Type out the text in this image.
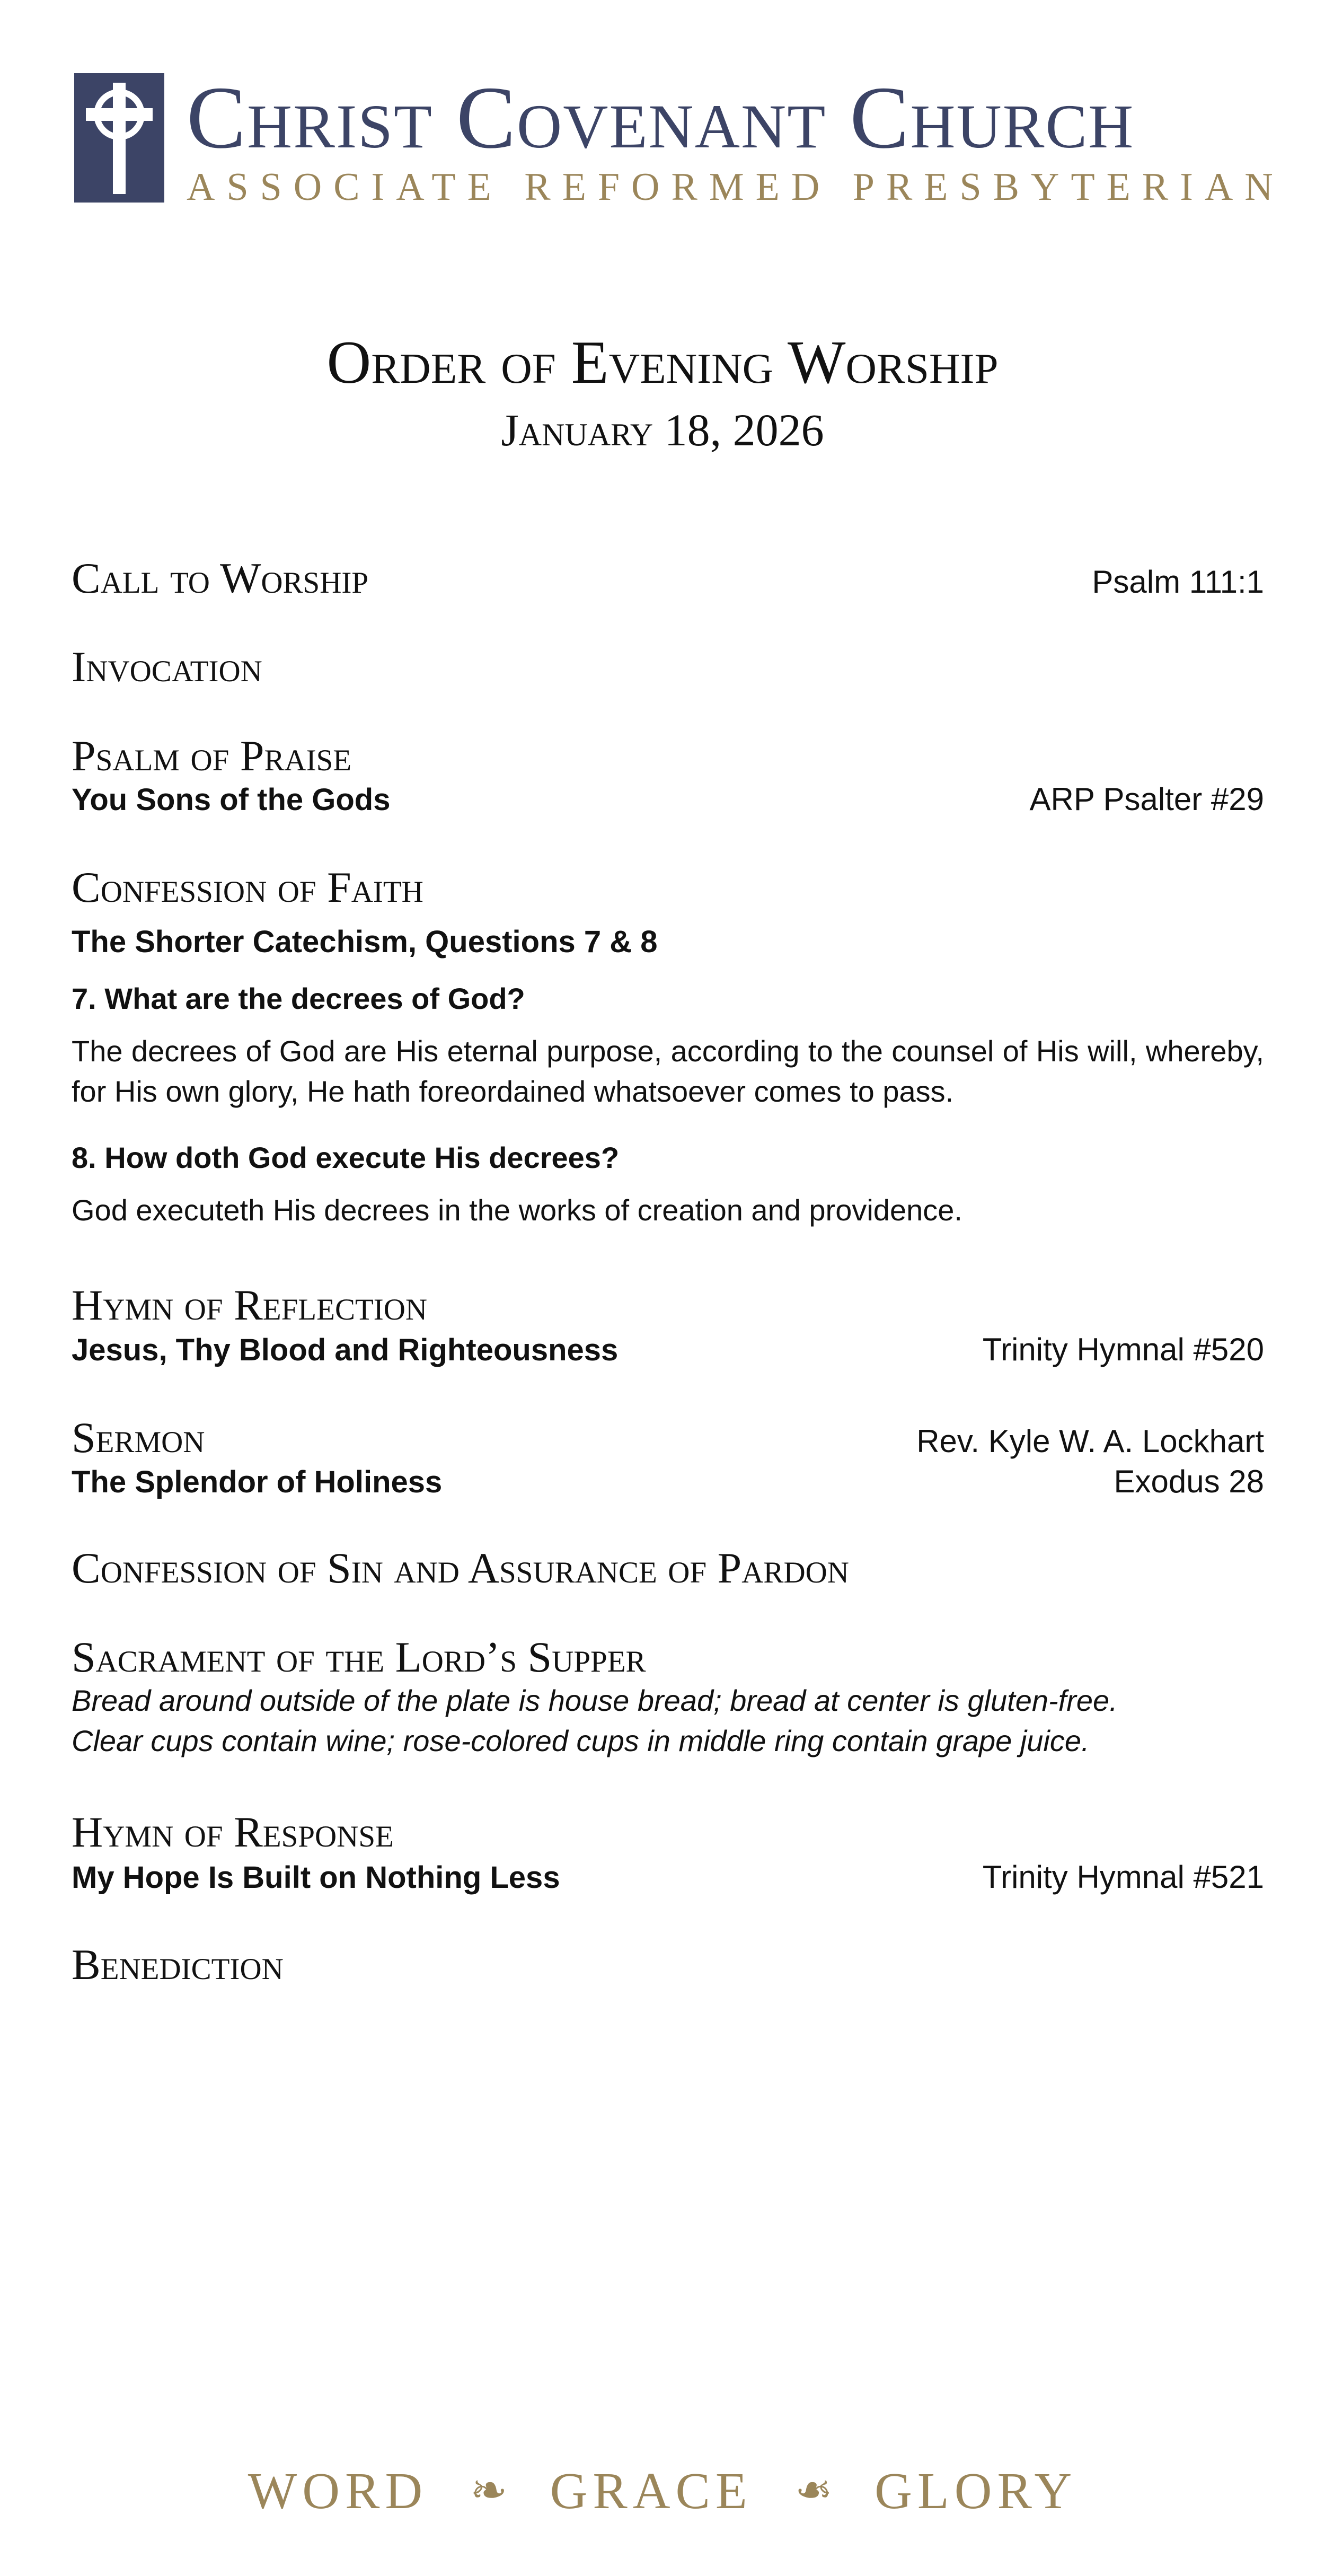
Christ Covenant Church
ASSOCIATE REFORMED PRESBYTERIAN
Order of Evening Worship
January 18, 2026
Call to Worship	Psalm 111:1
Invocation
Psalm of Praise
You Sons of the Gods	ARP Psalter #29
Confession of Faith
The Shorter Catechism, Questions 7 & 8
7. What are the decrees of God?
The decrees of God are His eternal purpose, according to the counsel of His will, whereby, for His own glory, He hath foreordained whatsoever comes to pass.
8. How doth God execute His decrees?
God executeth His decrees in the works of creation and providence.
Hymn of Reflection
Jesus, Thy Blood and Righteousness	Trinity Hymnal #520
Sermon	Rev. Kyle W. A. Lockhart
The Splendor of Holiness	Exodus 28
Confession of Sin and Assurance of Pardon
Sacrament of the Lord’s Supper
Bread around outside of the plate is house bread; bread at center is gluten-free.
Clear cups contain wine; rose-colored cups in middle ring contain grape juice.
Hymn of Response
My Hope Is Built on Nothing Less	Trinity Hymnal #521
Benediction
WORD ❧ GRACE ❧ GLORY
